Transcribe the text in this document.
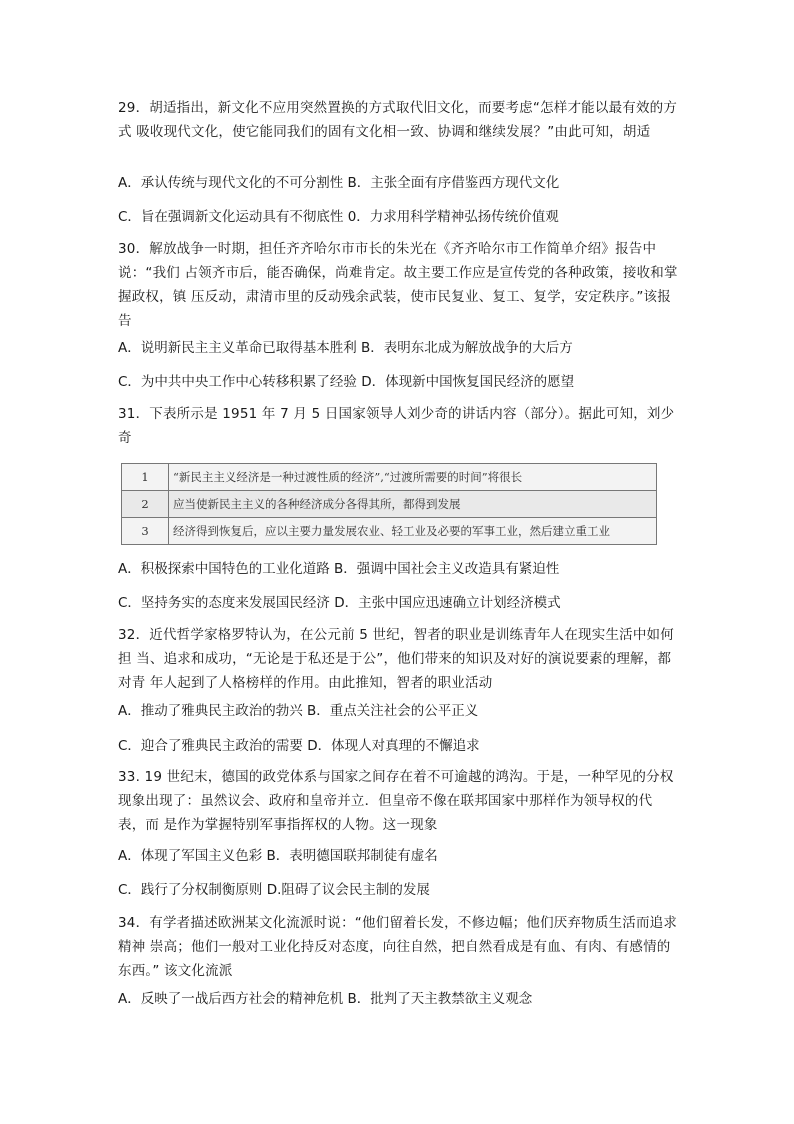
29．胡适指出，新文化不应用突然置换的方式取代旧文化，而要考虑“怎样才能以最有效的方式 吸收现代文化，使它能同我们的固有文化相一致、协调和继续发展？”由此可知，胡适

A．承认传统与现代文化的不可分割性 B．主张全面有序借鉴西方现代文化
C．旨在强调新文化运动具有不彻底性 0．力求用科学精神弘扬传统价值观

30．解放战争一时期，担任齐齐哈尔市市长的朱光在《齐齐哈尔市工作简单介绍》报告中说：“我们 占领齐市后，能否确保，尚难肯定。故主要工作应是宣传党的各种政策，接收和掌握政权，镇 压反动，肃清市里的反动残余武装，使市民复业、复工、复学，安定秩序。”该报告

A．说明新民主主义革命已取得基本胜利 B．表明东北成为解放战争的大后方
C．为中共中央工作中心转移积累了经验 D．体现新中国恢复国民经济的愿望

31．下表所示是 1951 年 7 月 5 日国家领导人刘少奇的讲话内容（部分）。据此可知，刘少奇

1	“新民主主义经济是一种过渡性质的经济”,“过渡所需要的时间”将很长
2	应当使新民主主义的各种经济成分各得其所，都得到发展
3	经济得到恢复后，应以主要力量发展农业、轻工业及必要的军事工业，然后建立重工业
A．积极探索中国特色的工业化道路 B．强调中国社会主义改造具有紧迫性
C．坚持务实的态度来发展国民经济 D．主张中国应迅速确立计划经济模式

32．近代哲学家格罗特认为，在公元前 5 世纪，智者的职业是训练青年人在现实生活中如何担 当、追求和成功，“无论是于私还是于公”，他们带来的知识及对好的演说要素的理解，都对青 年人起到了人格榜样的作用。由此推知，智者的职业活动

A．推动了雅典民主政治的勃兴 B．重点关注社会的公平正义
C．迎合了雅典民主政治的需要 D．体现人对真理的不懈追求

33. 19 世纪末，德国的政党体系与国家之间存在着不可逾越的鸿沟。于是，一种罕见的分权现象出现了：虽然议会、政府和皇帝并立．但皇帝不像在联邦国家中那样作为领导权的代表，而 是作为掌握特别军事指挥权的人物。这一现象

A．体现了军国主义色彩 B．表明德国联邦制徒有虚名
C．践行了分权制衡原则 D.阻碍了议会民主制的发展

34．有学者描述欧洲某文化流派时说：“他们留着长发，不修边幅；他们厌弃物质生活而追求精神 崇高；他们一般对工业化持反对态度，向往自然，把自然看成是有血、有肉、有感情的东西。” 该文化流派

A．反映了一战后西方社会的精神危机 B．批判了天主教禁欲主义观念
